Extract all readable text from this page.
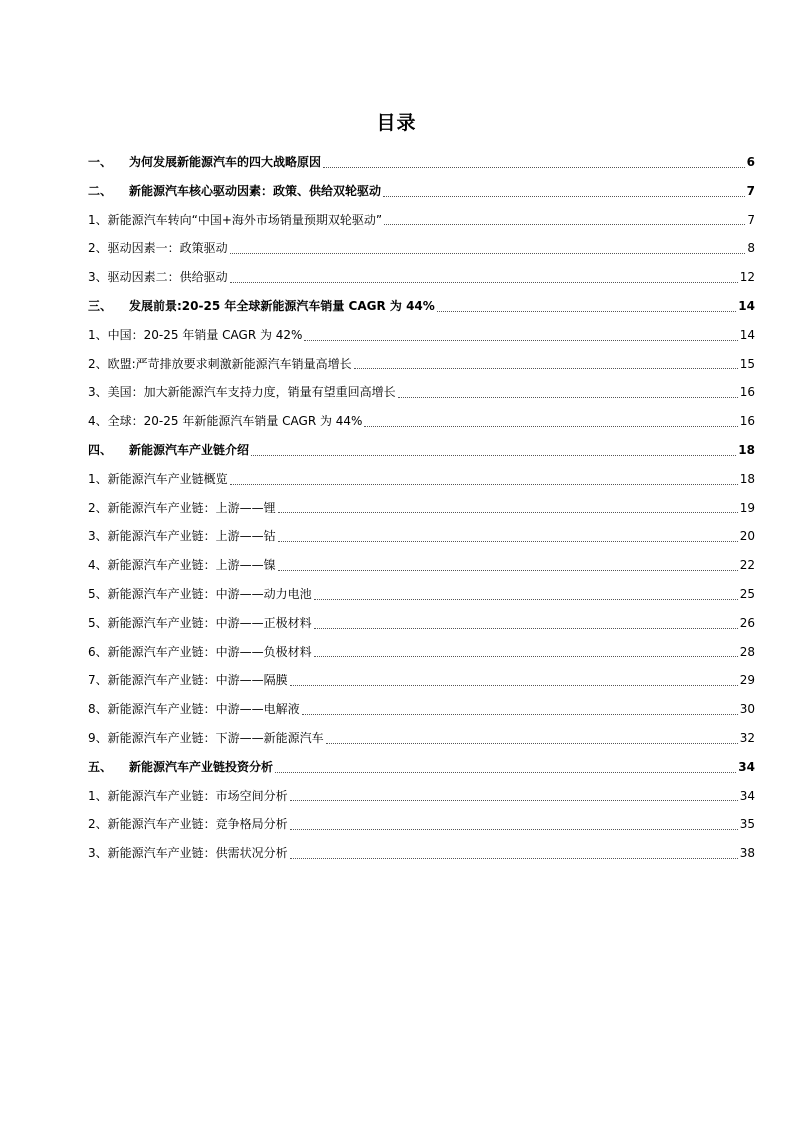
目录
一、	为何发展新能源汽车的四大战略原因	6
二、	新能源汽车核心驱动因素：政策、供给双轮驱动	7
1、 新能源汽车转向“中国+海外市场销量预期双轮驱动”	7
2、 驱动因素一：政策驱动	8
3、 驱动因素二：供给驱动	12
三、	发展前景:20-25 年全球新能源汽车销量 CAGR 为 44%	14
1、 中国：20-25 年销量 CAGR 为 42%	14
2、 欧盟:严苛排放要求刺激新能源汽车销量高增长	15
3、 美国：加大新能源汽车支持力度，销量有望重回高增长	16
4、 全球：20-25 年新能源汽车销量 CAGR 为 44%	16
四、	新能源汽车产业链介绍	18
1、 新能源汽车产业链概览	18
2、 新能源汽车产业链：上游——锂	19
3、 新能源汽车产业链：上游——钴	20
4、 新能源汽车产业链：上游——镍	22
5、 新能源汽车产业链：中游——动力电池	25
5、 新能源汽车产业链：中游——正极材料	26
6、 新能源汽车产业链：中游——负极材料	28
7、 新能源汽车产业链：中游——隔膜	29
8、 新能源汽车产业链：中游——电解液	30
9、 新能源汽车产业链：下游——新能源汽车	32
五、	新能源汽车产业链投资分析	34
1、 新能源汽车产业链：市场空间分析	34
2、 新能源汽车产业链：竞争格局分析	35
3、 新能源汽车产业链：供需状况分析	38
